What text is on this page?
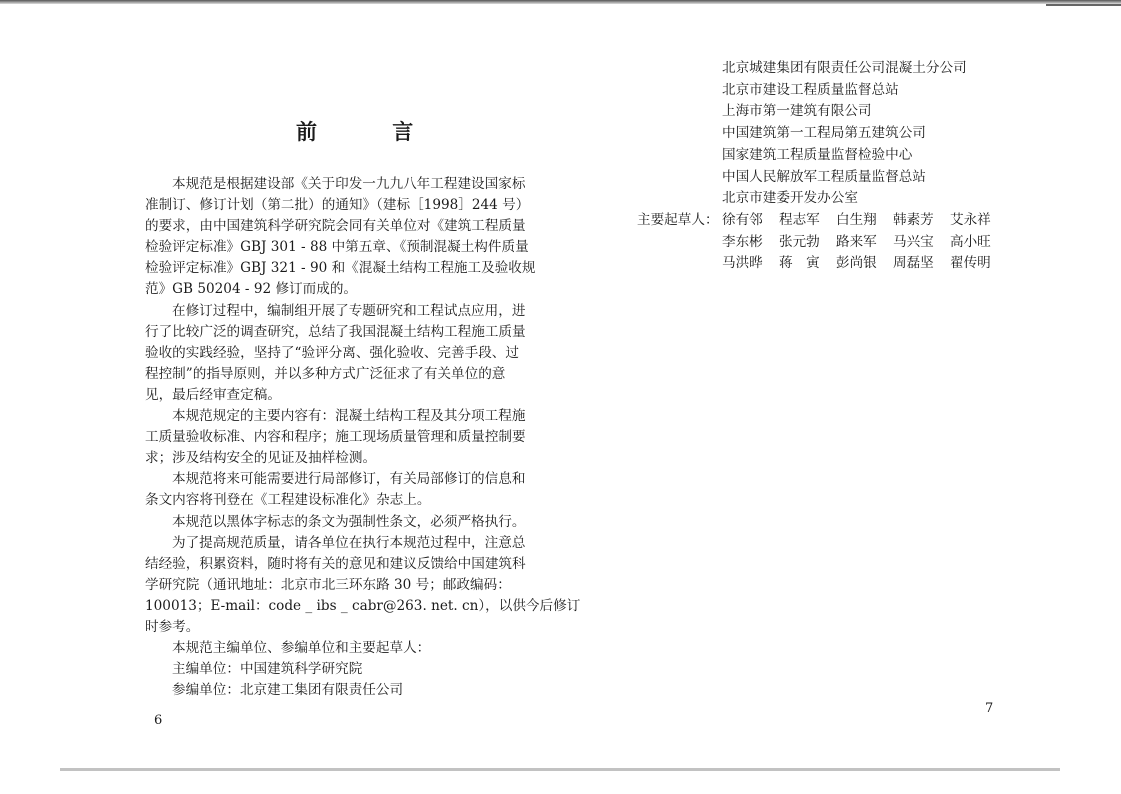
前 言
本规范是根据建设部《关于印发一九九八年工程建设国家标
准制订、修订计划（第二批）的通知》（建标［1998］244 号）
的要求，由中国建筑科学研究院会同有关单位对《建筑工程质量
检验评定标准》GBJ 301 - 88 中第五章、《预制混凝土构件质量
检验评定标准》GBJ 321 - 90 和《混凝土结构工程施工及验收规
范》GB 50204 - 92 修订而成的。
在修订过程中，编制组开展了专题研究和工程试点应用，进
行了比较广泛的调查研究，总结了我国混凝土结构工程施工质量
验收的实践经验，坚持了“验评分离、强化验收、完善手段、过
程控制”的指导原则，并以多种方式广泛征求了有关单位的意
见，最后经审查定稿。
本规范规定的主要内容有：混凝土结构工程及其分项工程施
工质量验收标准、内容和程序；施工现场质量管理和质量控制要
求；涉及结构安全的见证及抽样检测。
本规范将来可能需要进行局部修订，有关局部修订的信息和
条文内容将刊登在《工程建设标准化》杂志上。
本规范以黑体字标志的条文为强制性条文，必须严格执行。
为了提高规范质量，请各单位在执行本规范过程中，注意总
结经验，积累资料，随时将有关的意见和建议反馈给中国建筑科
学研究院（通讯地址：北京市北三环东路 30 号；邮政编码：
100013；E-mail：code _ ibs _ cabr@263. net. cn），以供今后修订
时参考。
本规范主编单位、参编单位和主要起草人：
主编单位：中国建筑科学研究院
参编单位：北京建工集团有限责任公司
6
北京城建集团有限责任公司混凝土分公司
北京市建设工程质量监督总站
上海市第一建筑有限公司
中国建筑第一工程局第五建筑公司
国家建筑工程质量监督检验中心
中国人民解放军工程质量监督总站
北京市建委开发办公室
主要起草人： 徐有邻	程志军	白生翔	韩素芳	艾永祥
李东彬	张元勃	路来军	马兴宝	高小旺
马洪晔	蒋　寅	彭尚银	周磊坚	翟传明
7
